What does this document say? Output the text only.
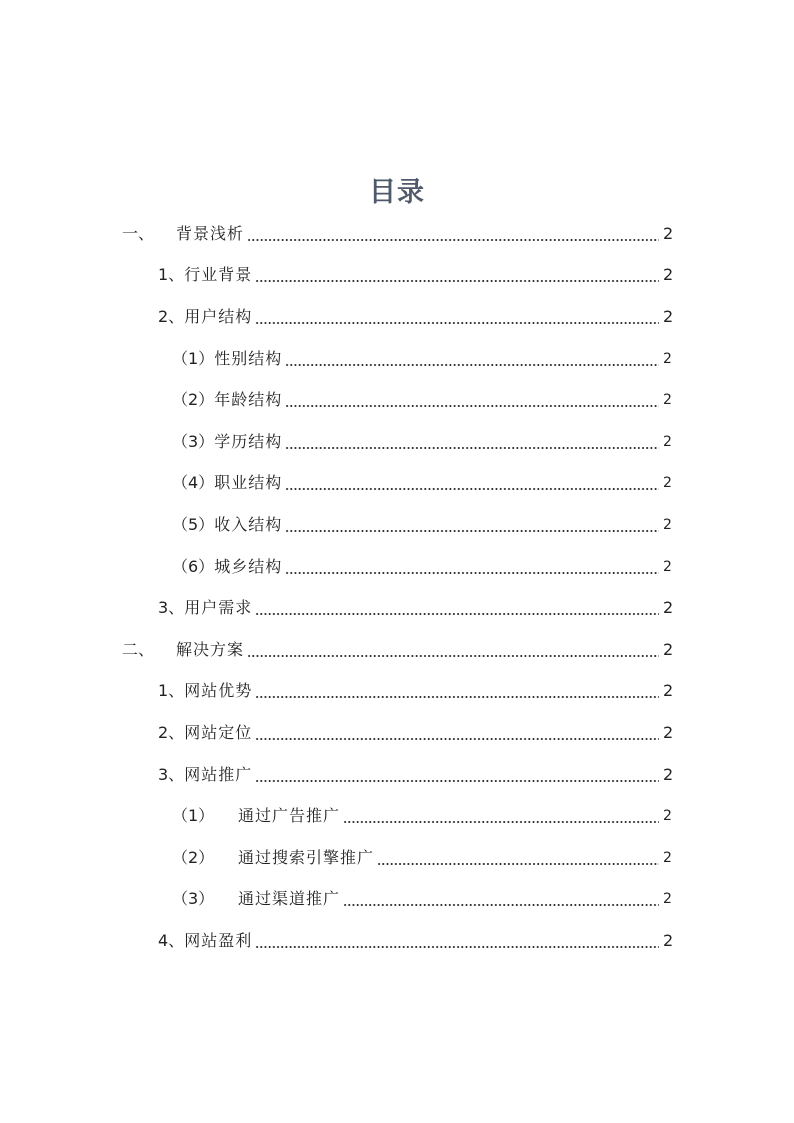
目录
一、	背景浅析	2
1、 行业背景	2
2、 用户结构	2
（1） 性别结构	2
（2） 年龄结构	2
（3） 学历结构	2
（4） 职业结构	2
（5） 收入结构	2
（6） 城乡结构	2
3、 用户需求	2
二、	解决方案	2
1、 网站优势	2
2、 网站定位	2
3、 网站推广	2
（1）	通过广告推广	2
（2）	通过搜索引擎推广	2
（3）	通过渠道推广	2
4、 网站盈利	2
